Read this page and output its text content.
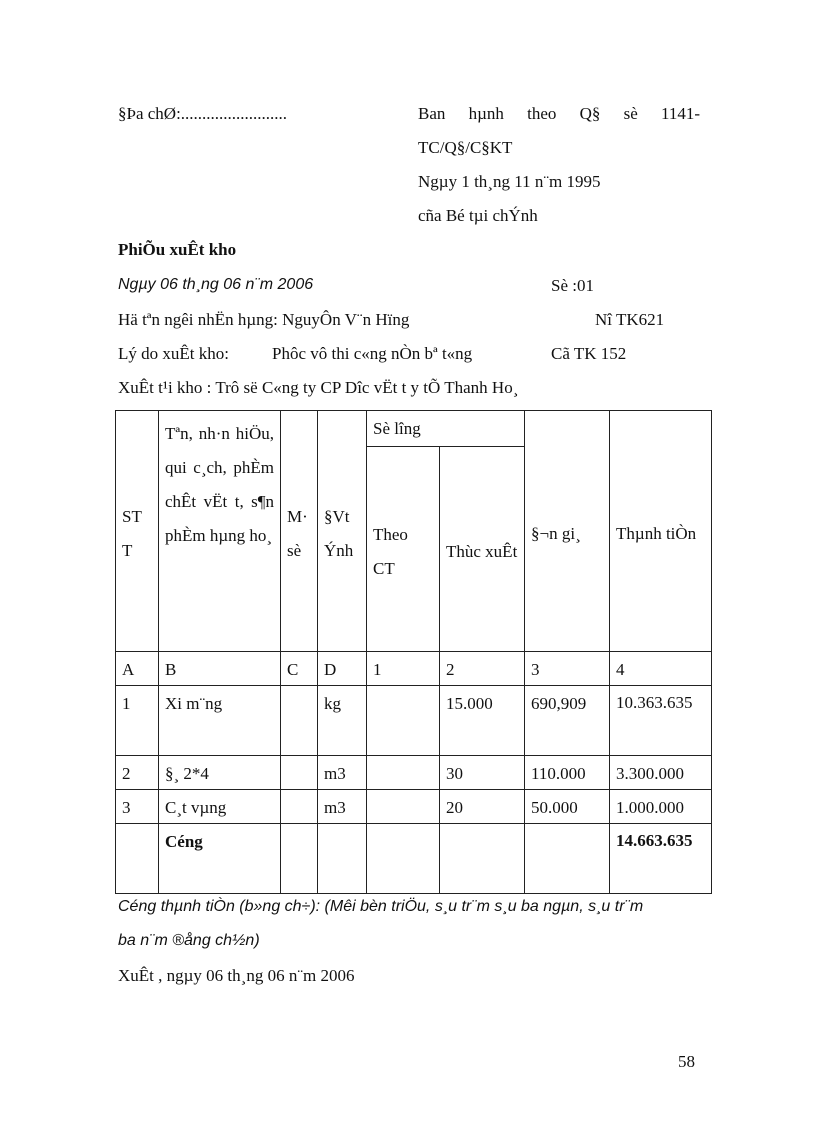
§Þa chØ:.........................	Ban hµnh theo Q§ sè 1141-
TC/Q§/C§KT
Ngµy 1 th¸ng 11 n¨m 1995
cña Bé tµi chÝnh
PhiÕu xuÊt kho
Ngµy 06 th¸ng 06 n¨m 2006	Sè :01
Hä tªn ngêi nhËn hµng: NguyÔn V¨n Hïng	Nî TK621
Lý do xuÊt kho:	Phôc vô thi c«ng nÒn bª t«ng	Cã TK 152
XuÊt t¹i kho : Trô së C«ng ty CP Dîc vËt t y tÕ Thanh Ho¸
STT	Tªn, nh·n hiÖu, qui c¸ch, phÈm chÊt vËt t, s¶n phÈm hµng ho¸	M· sè	§VtÝnh	Sè lîng		§¬n gi¸	Thµnh tiÒn
				Theo CT	Thùc xuÊt		
A	B	C	D	1	2	3	4
1	Xi m¨ng		kg		15.000	690,909	10.363.635
2	§¸ 2*4		m3		30	110.000	3.300.000
3	C¸t vµng		m3		20	50.000	1.000.000
	Céng						14.663.635
Céng thµnh tiÒn (b»ng ch÷): (Mêi bèn triÖu, s¸u tr¨m s¸u ba ngµn, s¸u tr¨m
ba n¨m ®ång ch½n)
XuÊt , ngµy 06 th¸ng 06 n¨m 2006
58
